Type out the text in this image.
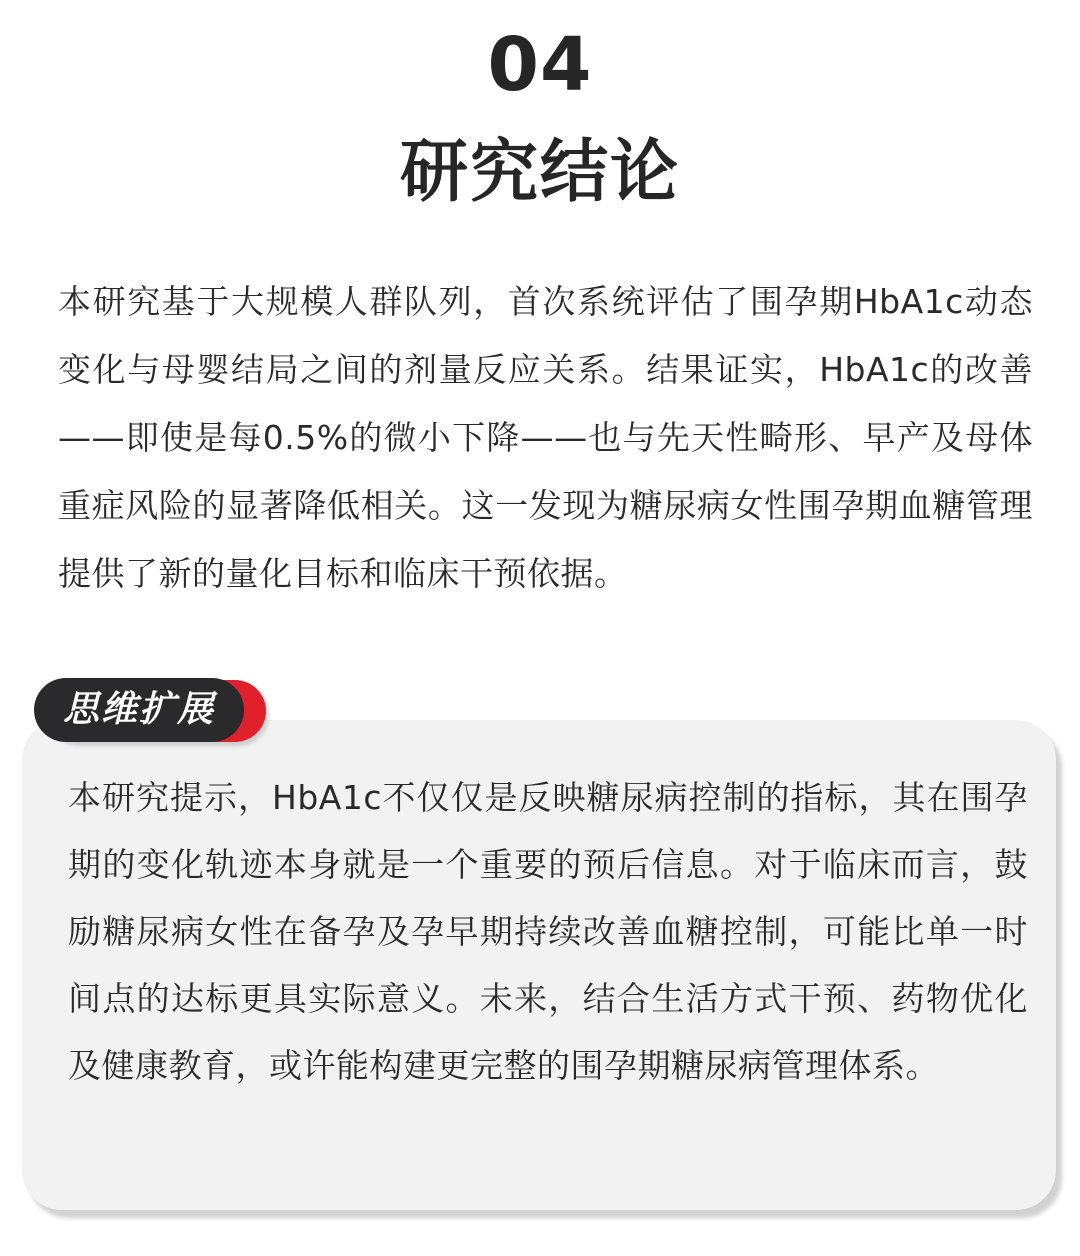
04
研究结论

本研究基于大规模人群队列，首次系统评估了围孕期HbA1c动态变化与母婴结局之间的剂量反应关系。结果证实，HbA1c的改善——即使是每0.5%的微小下降——也与先天性畸形、早产及母体重症风险的显著降低相关。这一发现为糖尿病女性围孕期血糖管理提供了新的量化目标和临床干预依据。

思维扩展

本研究提示，HbA1c不仅仅是反映糖尿病控制的指标，其在围孕期的变化轨迹本身就是一个重要的预后信息。对于临床而言，鼓励糖尿病女性在备孕及孕早期持续改善血糖控制，可能比单一时间点的达标更具实际意义。未来，结合生活方式干预、药物优化及健康教育，或许能构建更完整的围孕期糖尿病管理体系。
